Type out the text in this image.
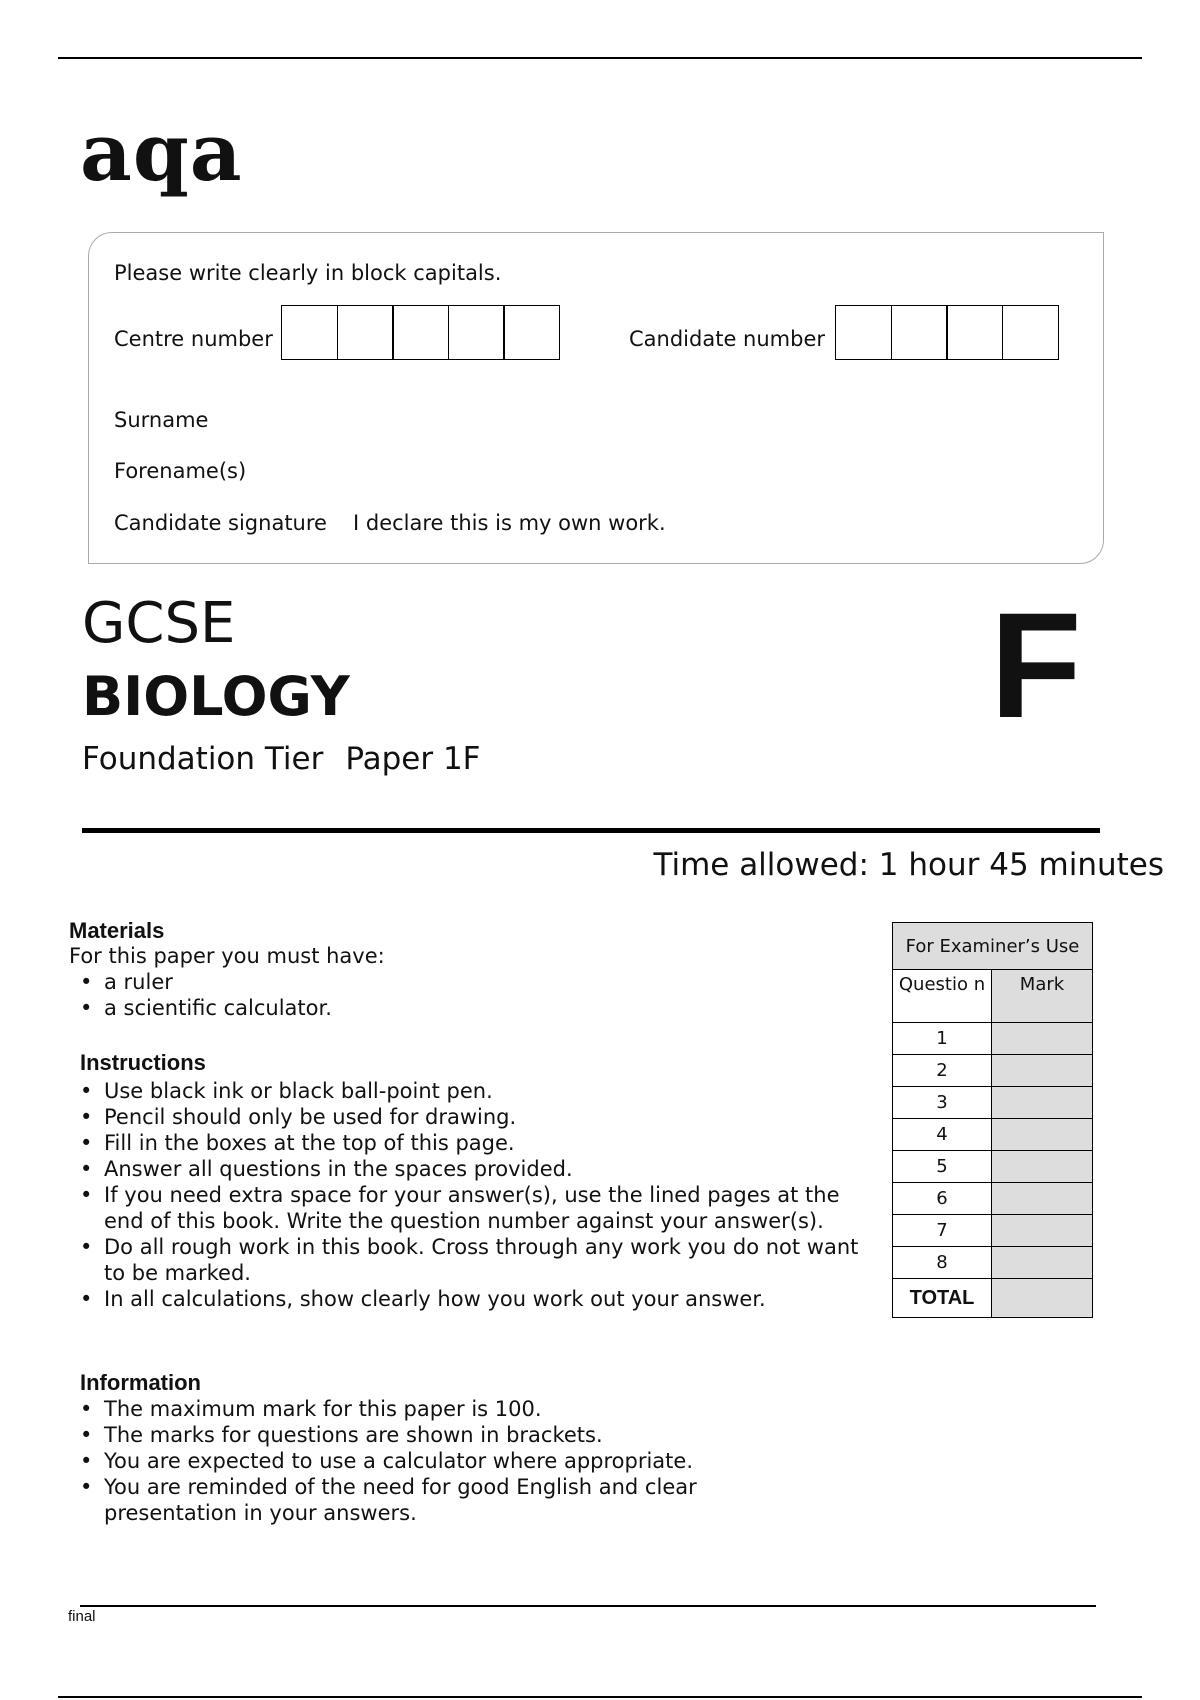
aqa
Please write clearly in block capitals.
Centre number	Candidate number
Surname
Forename(s)
Candidate signature I declare this is my own work.
GCSE
BIOLOGY
Foundation Tier Paper 1F
F
Time allowed: 1 hour 45 minutes
Materials
For this paper you must have:
• a ruler
• a scientific calculator.
Instructions
• Use black ink or black ball-point pen.
• Pencil should only be used for drawing.
• Fill in the boxes at the top of this page.
• Answer all questions in the spaces provided.
• If you need extra space for your answer(s), use the lined pages at the end of this book. Write the question number against your answer(s).
• Do all rough work in this book. Cross through any work you do not want to be marked.
• In all calculations, show clearly how you work out your answer.
Information
• The maximum mark for this paper is 100.
• The marks for questions are shown in brackets.
• You are expected to use a calculator where appropriate.
• You are reminded of the need for good English and clear presentation in your answers.
For Examiner’s Use	
Questio n	Mark
1	
2	
3	
4	
5	
6	
7	
8	
TOTAL	
final
